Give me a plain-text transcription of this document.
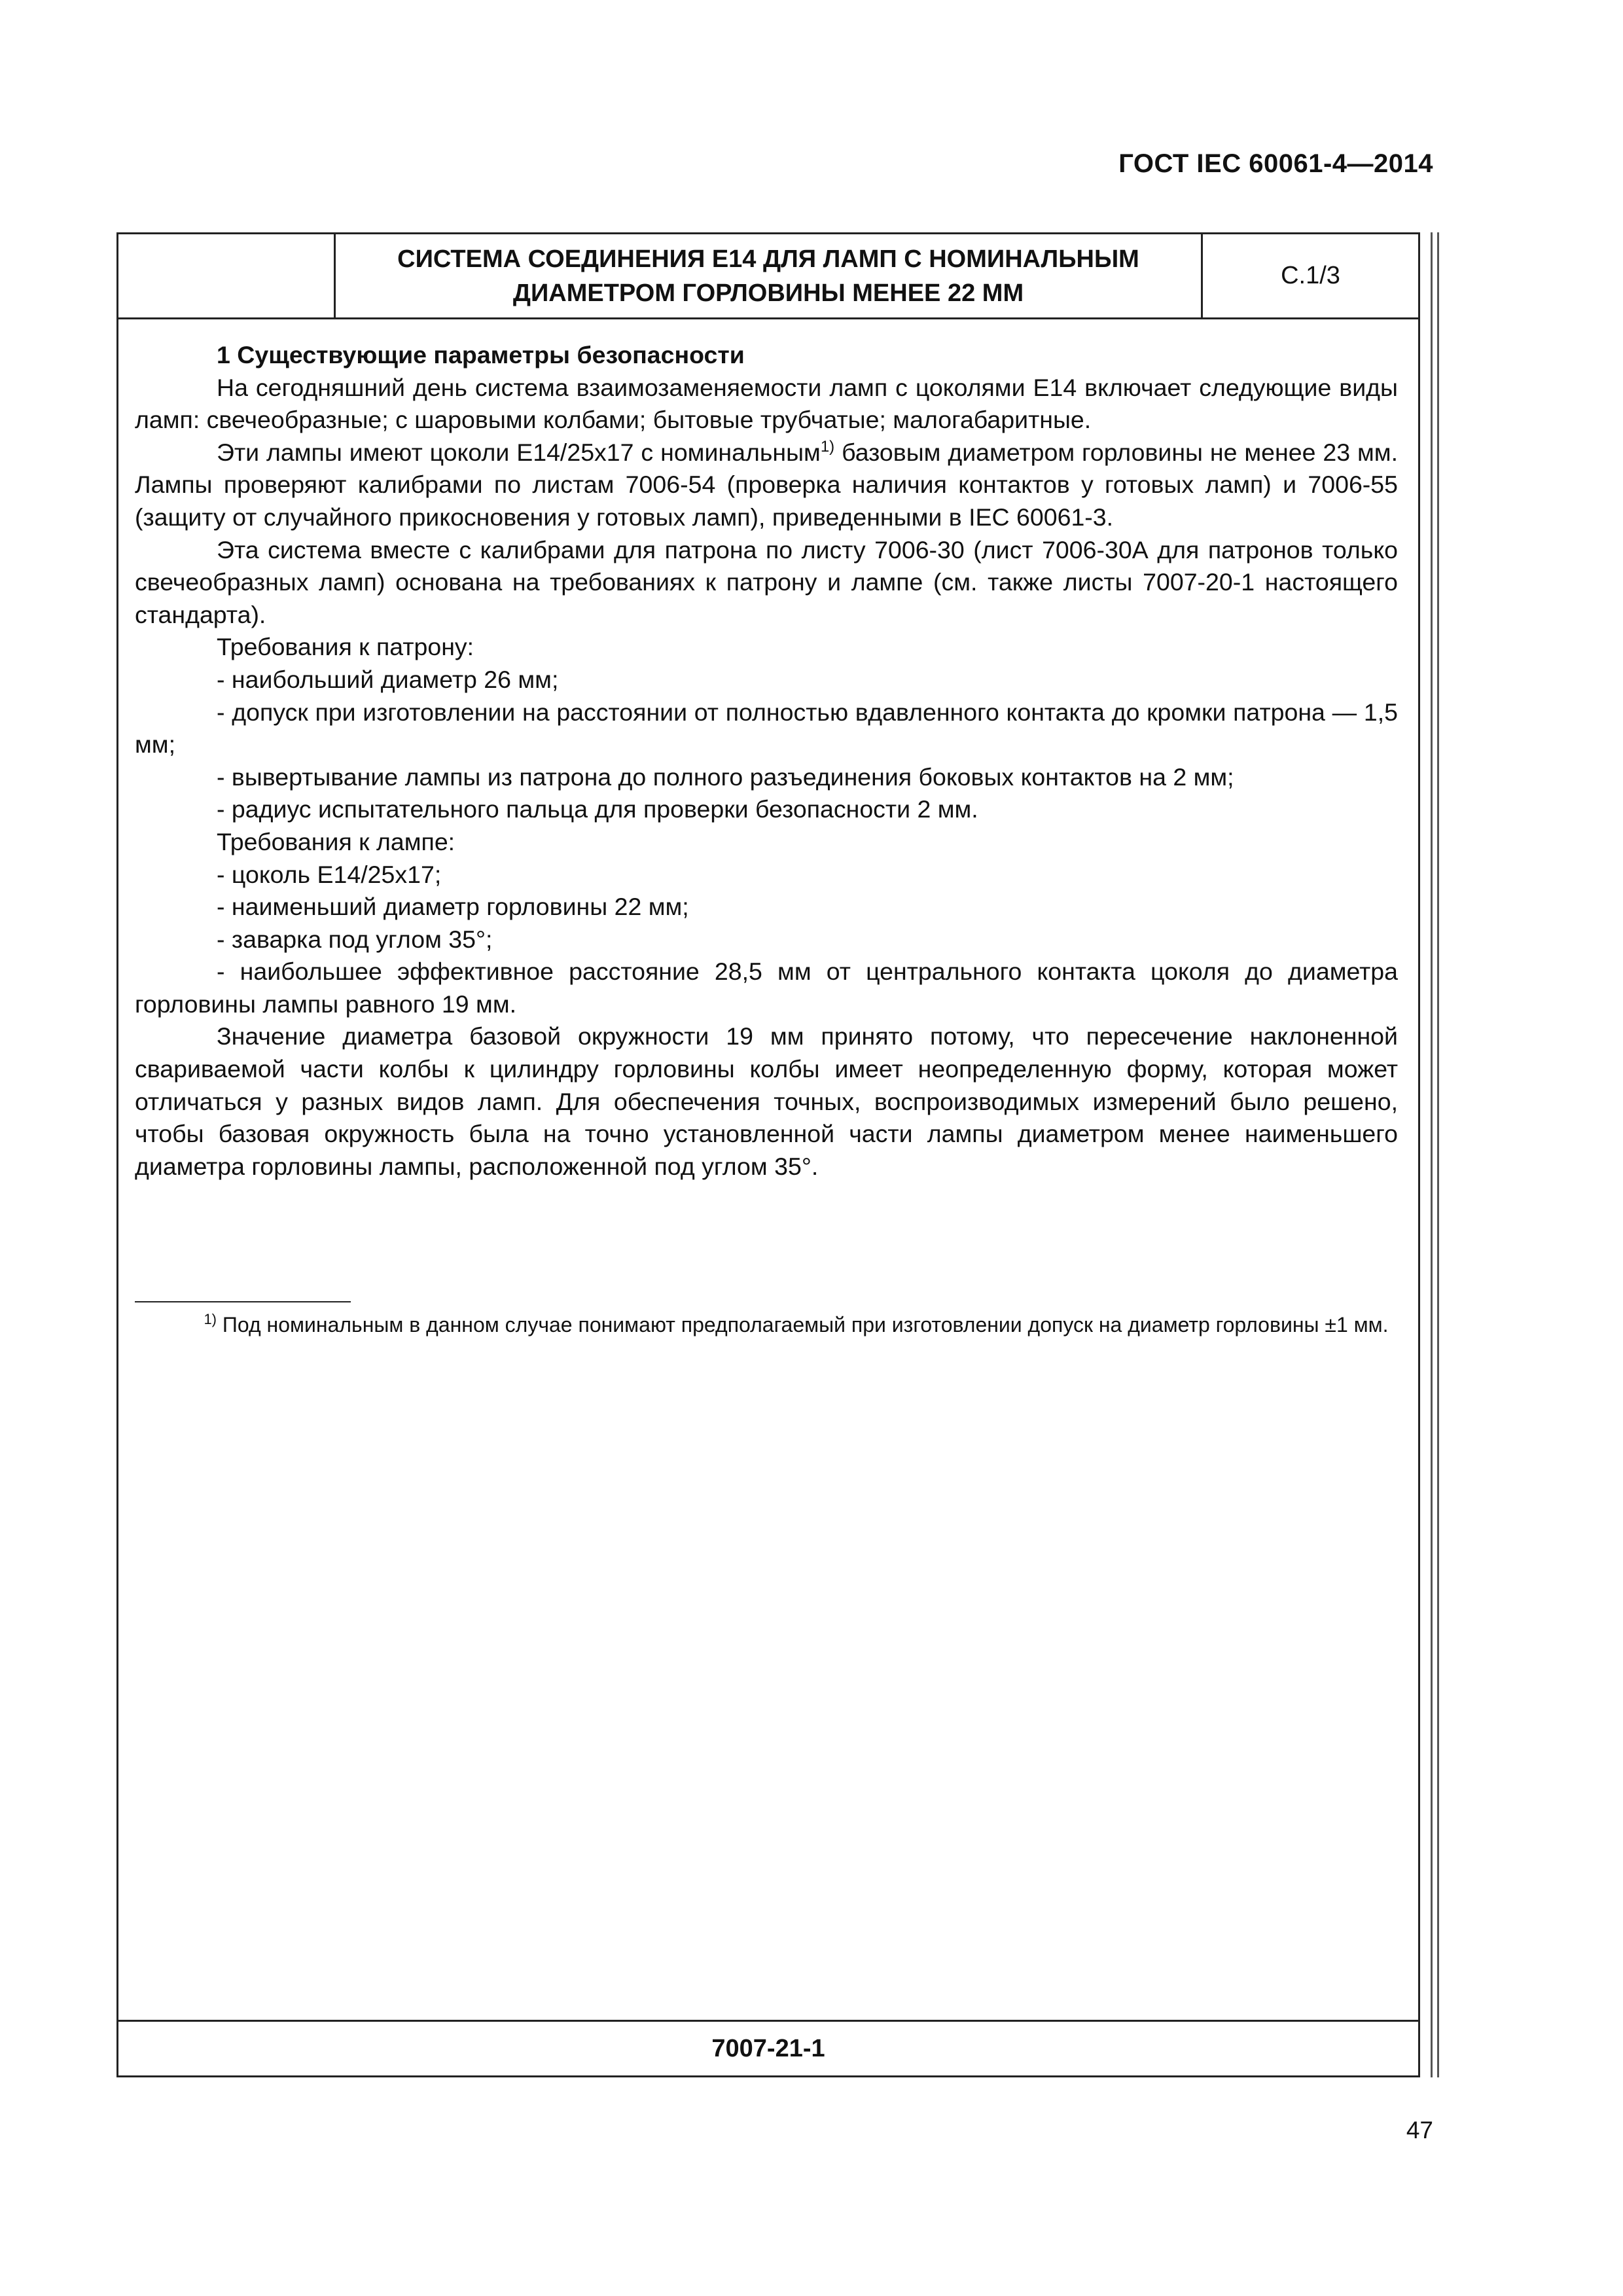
ГОСТ IEC 60061-4—2014
СИСТЕМА СОЕДИНЕНИЯ Е14 ДЛЯ ЛАМП С НОМИНАЛЬНЫМ
ДИАМЕТРОМ ГОРЛОВИНЫ МЕНЕЕ 22 ММ
С.1/3

1 Существующие параметры безопасности

На сегодняшний день система взаимозаменяемости ламп с цоколями Е14 включает следующие виды ламп: свечеобразные; с шаровыми колбами; бытовые трубчатые; малогабаритные.

Эти лампы имеют цоколи Е14/25х17 с номинальным$^{1)}$ базовым диаметром горловины не менее 23 мм. Лампы проверяют калибрами по листам 7006-54 (проверка наличия контактов у готовых ламп) и 7006-55 (защиту от случайного прикосновения у готовых ламп), приведенными в IEC 60061-3.

Эта система вместе с калибрами для патрона по листу 7006-30 (лист 7006-30А для патронов только свечеобразных ламп) основана на требованиях к патрону и лампе (см. также листы 7007-20-1 настоящего стандарта).

Требования к патрону:

- наибольший диаметр 26 мм;

- допуск при изготовлении на расстоянии от полностью вдавленного контакта до кромки патрона — 1,5 мм;

- вывертывание лампы из патрона до полного разъединения боковых контактов на 2 мм;

- радиус испытательного пальца для проверки безопасности 2 мм.

Требования к лампе:

- цоколь Е14/25х17;

- наименьший диаметр горловины 22 мм;

- заварка под углом 35°;

- наибольшее эффективное расстояние 28,5 мм от центрального контакта цоколя до диаметра горловины лампы равного 19 мм.

Значение диаметра базовой окружности 19 мм принято потому, что пересечение наклоненной свариваемой части колбы к цилиндру горловины колбы имеет неопределенную форму, которая может отличаться у разных видов ламп. Для обеспечения точных, воспроизводимых измерений было решено, чтобы базовая окружность была на точно установленной части лампы диаметром менее наименьшего диаметра горловины лампы, расположенной под углом 35°.

$^{1)}$ Под номинальным в данном случае понимают предполагаемый при изготовлении допуск на диаметр горловины ±1 мм.
7007-21-1
47
